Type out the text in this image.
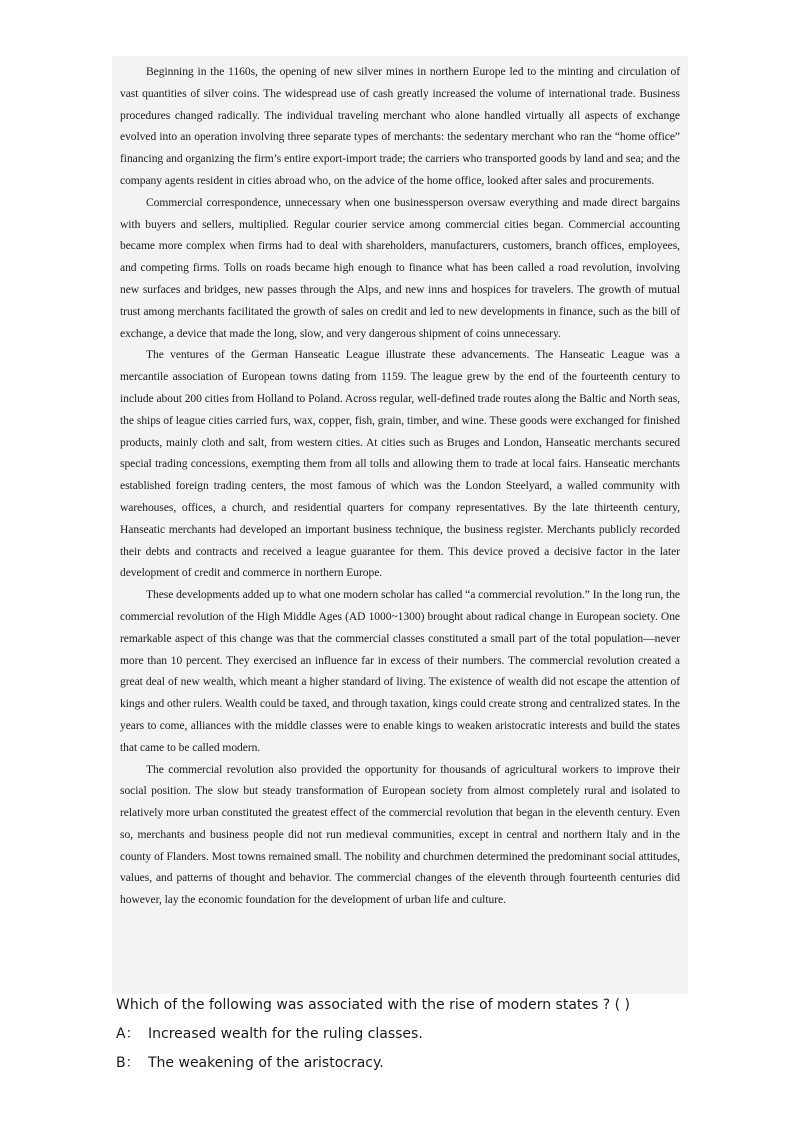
Beginning in the 1160s, the opening of new silver mines in northern Europe led to the minting and circulation of vast quantities of silver coins. The widespread use of cash greatly increased the volume of international trade. Business procedures changed radically. The individual traveling merchant who alone handled virtually all aspects of exchange evolved into an operation involving three separate types of merchants: the sedentary merchant who ran the “home office” financing and organizing the firm’s entire export-import trade; the carriers who transported goods by land and sea; and the company agents resident in cities abroad who, on the advice of the home office, looked after sales and procurements.

Commercial correspondence, unnecessary when one businessperson oversaw everything and made direct bargains with buyers and sellers, multiplied. Regular courier service among commercial cities began. Commercial accounting became more complex when firms had to deal with shareholders, manufacturers, customers, branch offices, employees, and competing firms. Tolls on roads became high enough to finance what has been called a road revolution, involving new surfaces and bridges, new passes through the Alps, and new inns and hospices for travelers. The growth of mutual trust among merchants facilitated the growth of sales on credit and led to new developments in finance, such as the bill of exchange, a device that made the long, slow, and very dangerous shipment of coins unnecessary.

The ventures of the German Hanseatic League illustrate these advancements. The Hanseatic League was a mercantile association of European towns dating from 1159. The league grew by the end of the fourteenth century to include about 200 cities from Holland to Poland. Across regular, well-defined trade routes along the Baltic and North seas, the ships of league cities carried furs, wax, copper, fish, grain, timber, and wine. These goods were exchanged for finished products, mainly cloth and salt, from western cities. At cities such as Bruges and London, Hanseatic merchants secured special trading concessions, exempting them from all tolls and allowing them to trade at local fairs. Hanseatic merchants established foreign trading centers, the most famous of which was the London Steelyard, a walled community with warehouses, offices, a church, and residential quarters for company representatives. By the late thirteenth century, Hanseatic merchants had developed an important business technique, the business register. Merchants publicly recorded their debts and contracts and received a league guarantee for them. This device proved a decisive factor in the later development of credit and commerce in northern Europe.

These developments added up to what one modern scholar has called “a commercial revolution.” In the long run, the commercial revolution of the High Middle Ages (AD 1000~1300) brought about radical change in European society. One remarkable aspect of this change was that the commercial classes constituted a small part of the total population—never more than 10 percent. They exercised an influence far in excess of their numbers. The commercial revolution created a great deal of new wealth, which meant a higher standard of living. The existence of wealth did not escape the attention of kings and other rulers. Wealth could be taxed, and through taxation, kings could create strong and centralized states. In the years to come, alliances with the middle classes were to enable kings to weaken aristocratic interests and build the states that came to be called modern.

The commercial revolution also provided the opportunity for thousands of agricultural workers to improve their social position. The slow but steady transformation of European society from almost completely rural and isolated to relatively more urban constituted the greatest effect of the commercial revolution that began in the eleventh century. Even so, merchants and business people did not run medieval communities, except in central and northern Italy and in the county of Flanders. Most towns remained small. The nobility and churchmen determined the predominant social attitudes, values, and patterns of thought and behavior. The commercial changes of the eleventh through fourteenth centuries did however, lay the economic foundation for the development of urban life and culture.

Which of the following was associated with the rise of modern states ? ( )
A： Increased wealth for the ruling classes.
B： The weakening of the aristocracy.
